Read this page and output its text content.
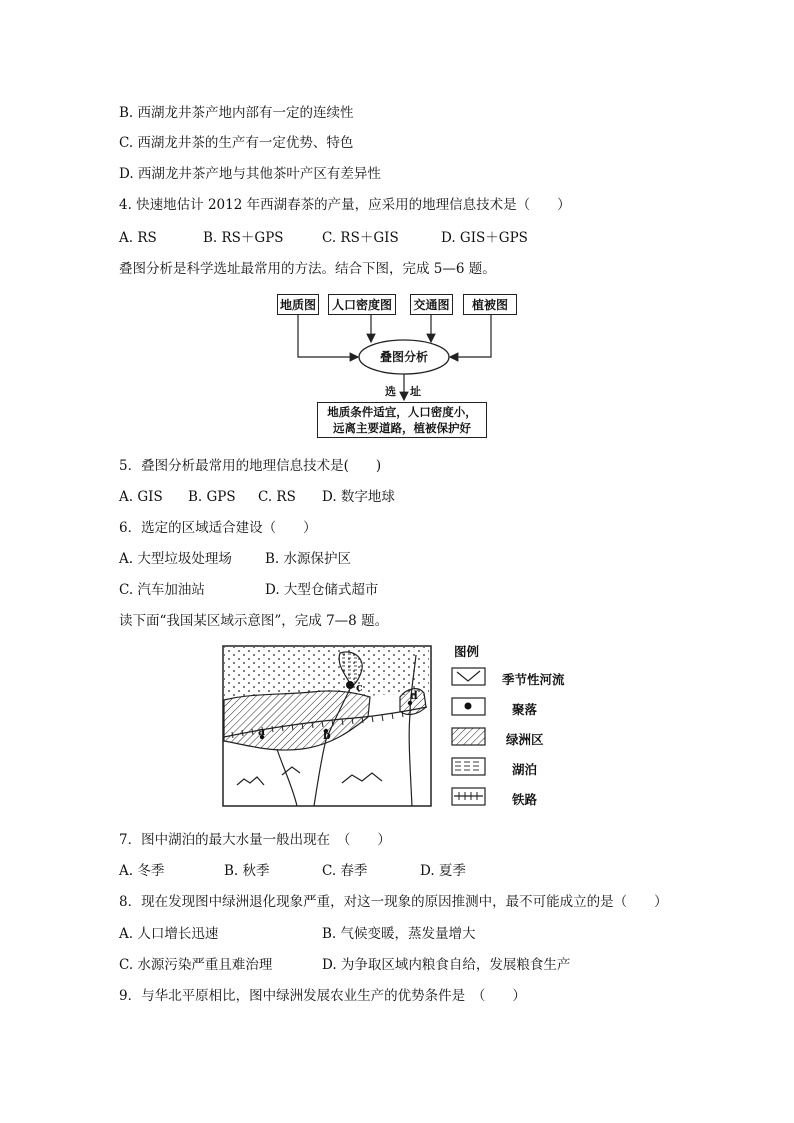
B. 西湖龙井茶产地内部有一定的连续性
C. 西湖龙井茶的生产有一定优势、特色
D. 西湖龙井茶产地与其他茶叶产区有差异性
4. 快速地估计 2012 年西湖春茶的产量，应采用的地理信息技术是（　　）
A. RS	B. RS＋GPS	C. RS＋GIS	D. GIS＋GPS
叠图分析是科学选址最常用的方法。结合下图，完成 5—6 题。
地质图	人口密度图	交通图	植被图
叠图分析
选 址
地质条件适宜，人口密度小，
远离主要道路，植被保护好
5．叠图分析最常用的地理信息技术是(　　)
A. GIS B. GPS C. RS D. 数字地球
6．选定的区域适合建设（　　）
A. 大型垃圾处理场 B. 水源保护区
C. 汽车加油站	D. 大型仓储式超市
读下面“我国某区域示意图”，完成 7—8 题。
a	b
c
d
图例
季节性河流
聚落
绿洲区
湖泊
铁路
7．图中湖泊的最大水量一般出现在　（　　）
A. 冬季	B. 秋季	C. 春季	D. 夏季
8．现在发现图中绿洲退化现象严重，对这一现象的原因推测中，最不可能成立的是（　　）
A. 人口增长迅速	B. 气候变暖，蒸发量增大
C. 水源污染严重且难治理	D. 为争取区域内粮食自给，发展粮食生产
9．与华北平原相比，图中绿洲发展农业生产的优势条件是　（　　）
